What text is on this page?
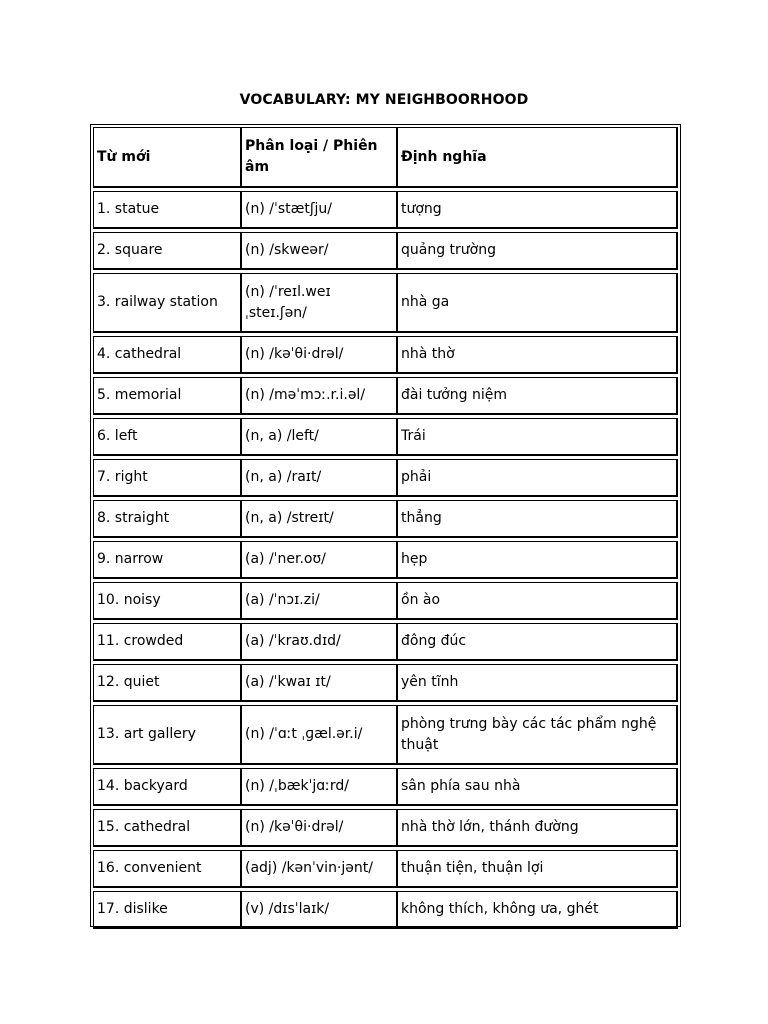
VOCABULARY: MY NEIGHBOORHOOD
Từ mới	Phân loại / Phiên âm	Định nghĩa
1. statue	(n) /ˈstætʃju/	tượng
2. square	(n) /skweər/	quảng trường
3. railway station	(n) /ˈreɪl.weɪ ˌsteɪ.ʃən/	nhà ga
4. cathedral	(n) /kəˈθi·drəl/	nhà thờ
5. memorial	(n) /məˈmɔː.r.i.əl/	đài tưởng niệm
6. left	(n, a) /left/	Trái
7. right	(n, a) /raɪt/	phải
8. straight	(n, a) /streɪt/	thẳng
9. narrow	(a) /ˈner.oʊ/	hẹp
10. noisy	(a) /ˈnɔɪ.zi/	ồn ào
11. crowded	(a) /ˈkraʊ.dɪd/	đông đúc
12. quiet	(a) /ˈkwaɪ ɪt/	yên tĩnh
13. art gallery	(n) /ˈɑːt ˌɡæl.ər.i/	phòng trưng bày các tác phẩm nghệ thuật
14. backyard	(n) /ˌbækˈjɑːrd/	sân phía sau nhà
15. cathedral	(n) /kəˈθi·drəl/	nhà thờ lớn, thánh đường
16. convenient	(adj) /kənˈvin·jənt/	thuận tiện, thuận lợi
17. dislike	(v) /dɪsˈlaɪk/	không thích, không ưa, ghét
